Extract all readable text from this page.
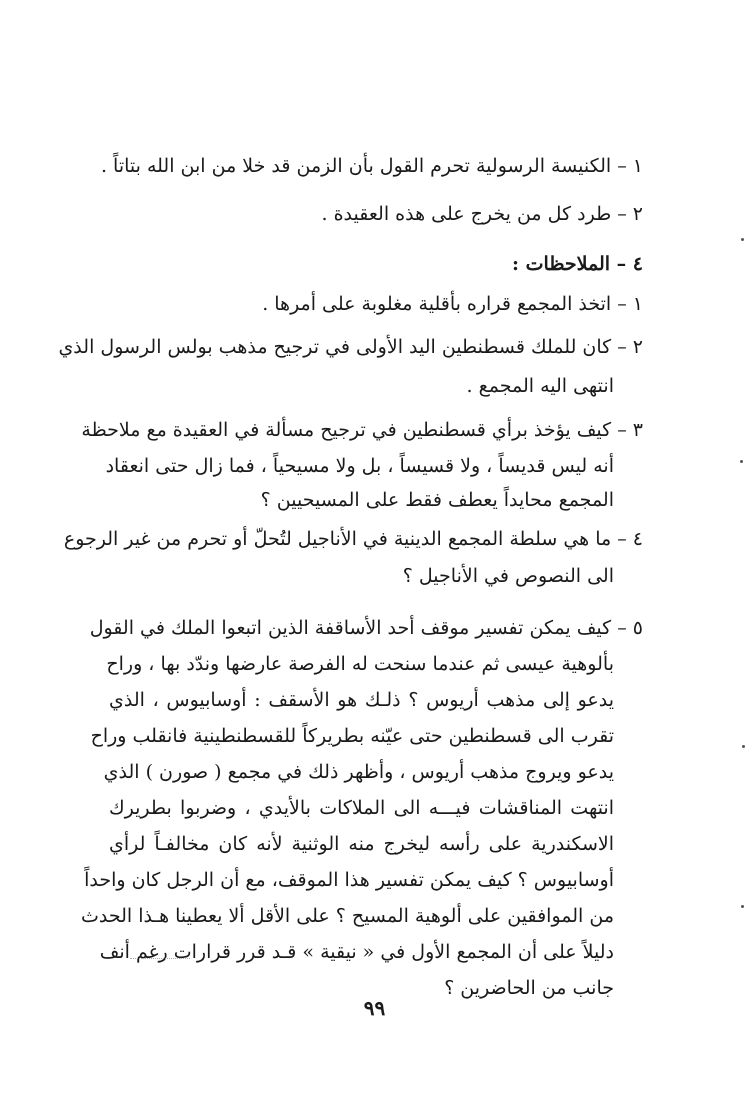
١ – الكنيسة الرسولية تحرم القول بأن الزمن قد خلا من ابن الله بتاتاً .
٢ – طرد كل من يخرج على هذه العقيدة .
٤ – الملاحظات :
١ – اتخذ المجمع قراره بأقلية مغلوبة على أمرها .
٢ – كان للملك قسطنطين اليد الأولى في ترجيح مذهب بولس الرسول الذي
انتهى اليه المجمع .
٣ – كيف يؤخذ برأي قسطنطين في ترجيح مسألة في العقيدة مع ملاحظة
أنه ليس قديساً ، ولا قسيساً ، بل ولا مسيحياً ، فما زال حتى انعقاد
المجمع محايداً يعطف فقط على المسيحيين ؟
٤ – ما هي سلطة المجمع الدينية في الأناجيل لتُحلّ أو تحرم من غير الرجوع
الى النصوص في الأناجيل ؟
٥ – كيف يمكن تفسير موقف أحد الأساقفة الذين اتبعوا الملك في القول
بألوهية عيسى ثم عندما سنحت له الفرصة عارضها وندّد بها ، وراح
يدعو إلى مذهب أريوس ؟ ذلـك هو الأسقف : أوسابيوس ، الذي
تقرب الى قسطنطين حتى عيّنه بطريركاً للقسطنطينية فانقلب وراح
يدعو ويروج مذهب أريوس ، وأظهر ذلك في مجمع ( صورن ) الذي
انتهت المناقشات فيـــه الى الملاكات بالأيدي ، وضربوا بطريرك
الاسكندرية على رأسه ليخرج منه الوثنية لأنه كان مخالفـاً لرأي
أوسابيوس ؟ كيف يمكن تفسير هذا الموقف، مع أن الرجل كان واحداً
من الموافقين على ألوهية المسيح ؟ على الأقل ألا يعطينا هـذا الحدث
دليلاً على أن المجمع الأول في « نيقية » قـد قرر قرارات رغم أنف
جانب من الحاضرين ؟
٩٩
